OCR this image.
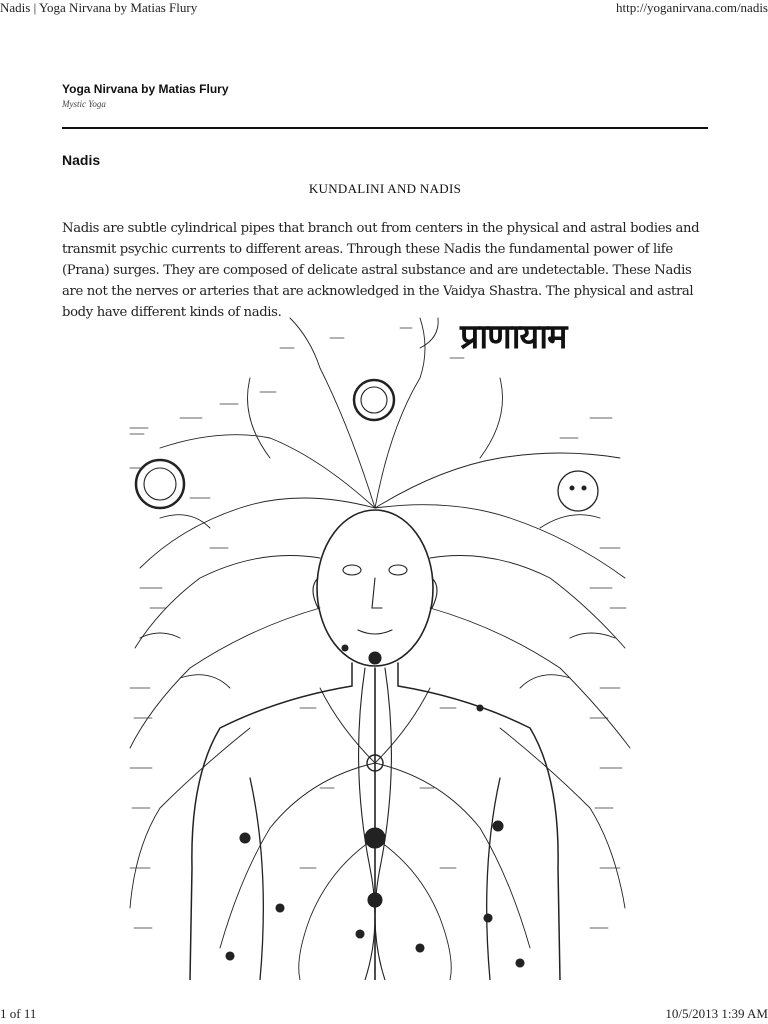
Nadis | Yoga Nirvana by Matias Flury	http://yoganirvana.com/nadis
Yoga Nirvana by Matias Flury
Mystic Yoga
Nadis
KUNDALINI AND NADIS
Nadis are subtle cylindrical pipes that branch out from centers in the physical and astral bodies and transmit psychic currents to different areas. Through these Nadis the fundamental power of life (Prana) surges. They are composed of delicate astral substance and are undetectable. These Nadis are not the nerves or arteries that are acknowledged in the Vaidya Shastra. The physical and astral body have different kinds of nadis.
प्राणायाम
1 of 11	10/5/2013 1:39 AM
